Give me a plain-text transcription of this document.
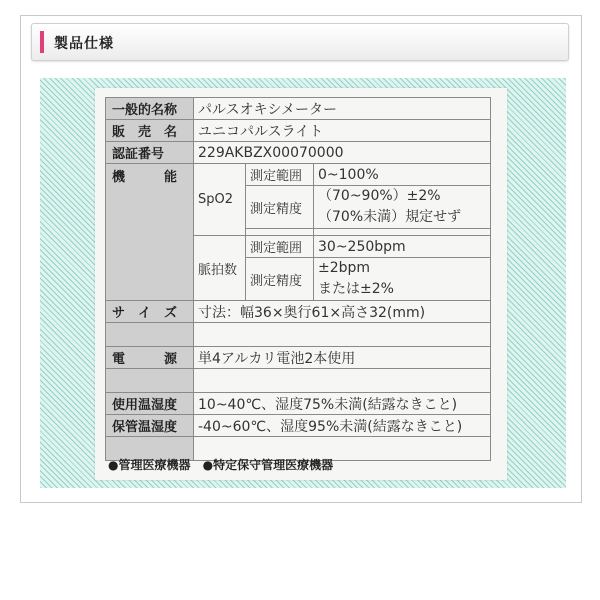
製品仕様
一般的名称	パルスオキシメーター		
販　売　名	ユニコパルスライト		

認証番号	229AKBZX00070000		
機　　　能	SpO2	測定範囲	0~100%
		測定精度	（70~90%）±2%
（70%未満）規定せず

	脈拍数	測定範囲	30~250bpm
		測定精度	±2bpm
または±2%

サ　イ　ズ	寸法：幅36×奥行61×高さ32(mm)		

電　　　源	単4アルカリ電池2本使用		

使用温湿度	10~40℃、湿度75%未満(結露なきこと)		
保管温湿度	-40~60℃、湿度95%未満(結露なきこと)		

●管理医療機器 ●特定保守管理医療機器
